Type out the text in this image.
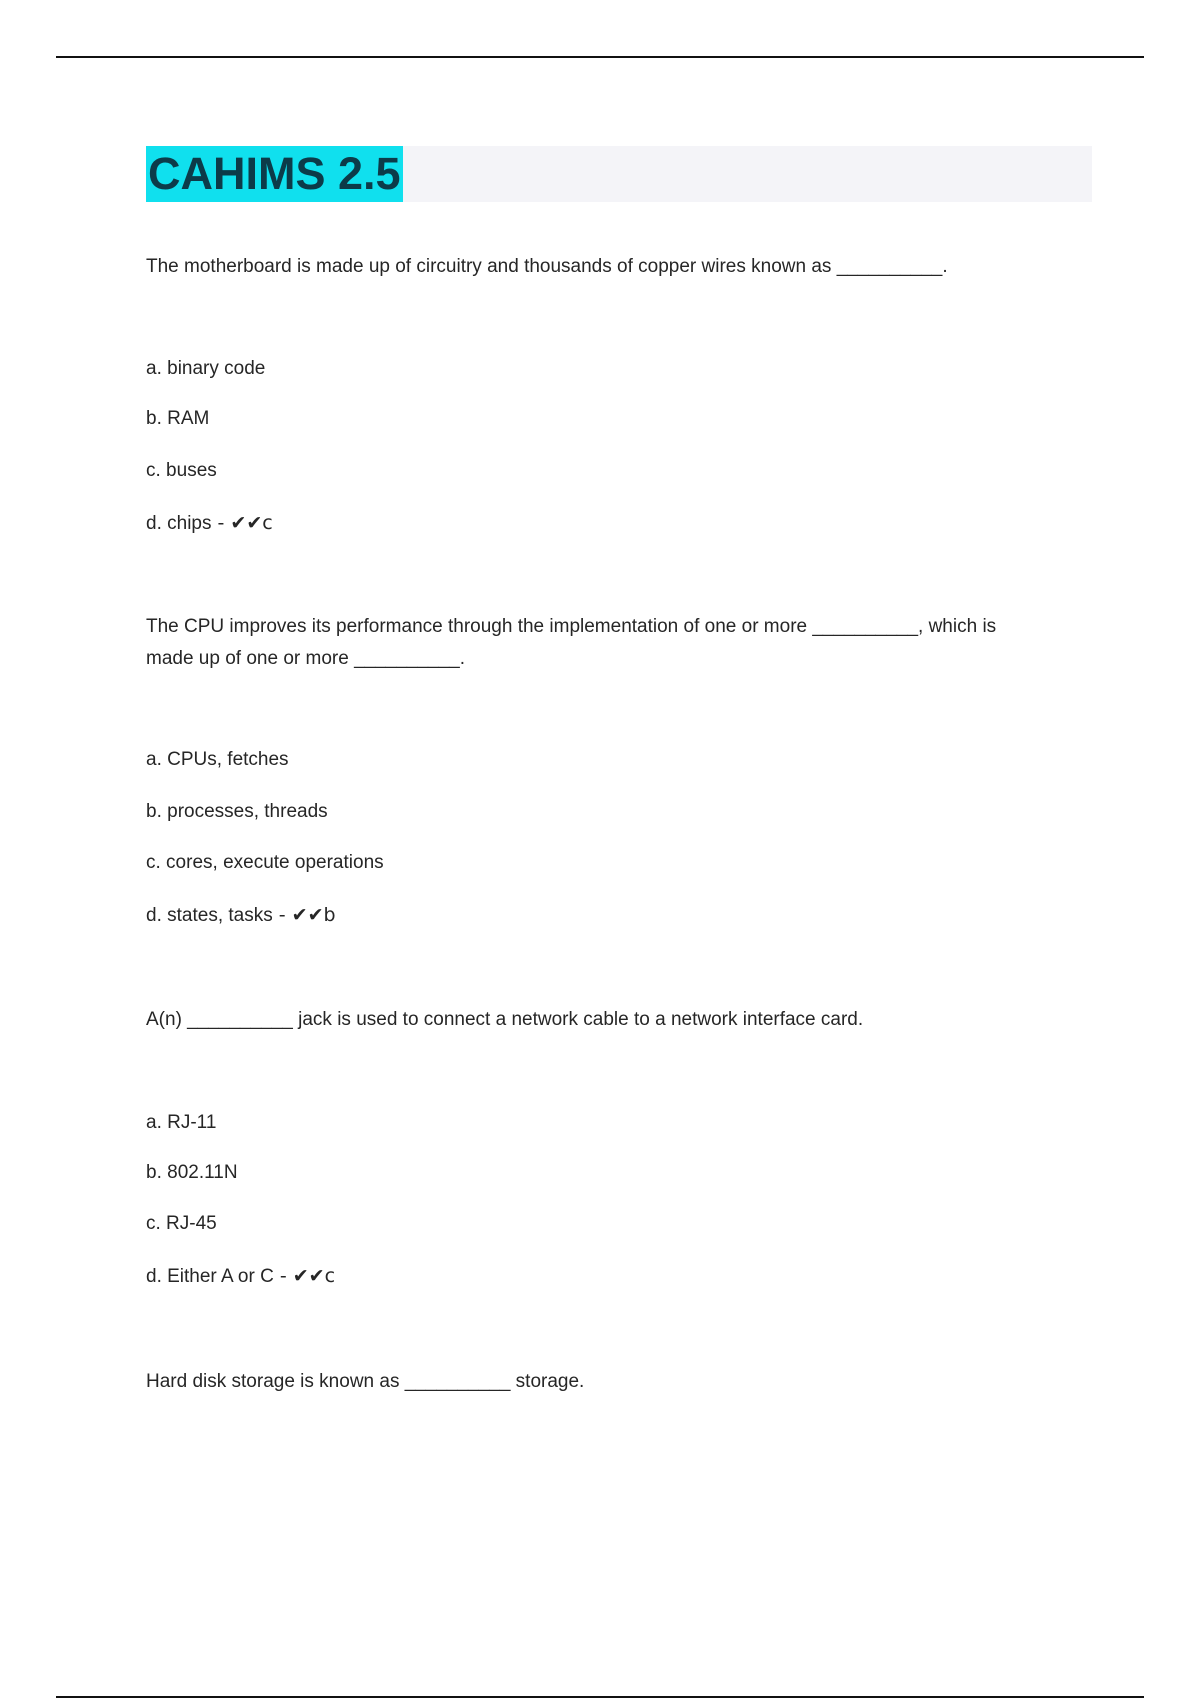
CAHIMS 2.5
The motherboard is made up of circuitry and thousands of copper wires known as __________.
a. binary code
b. RAM
c. buses
d. chips - ✔✔c
The CPU improves its performance through the implementation of one or more __________, which is
made up of one or more __________.
a. CPUs, fetches
b. processes, threads
c. cores, execute operations
d. states, tasks - ✔✔b
A(n) __________ jack is used to connect a network cable to a network interface card.
a. RJ-11
b. 802.11N
c. RJ-45
d. Either A or C - ✔✔c
Hard disk storage is known as __________ storage.
